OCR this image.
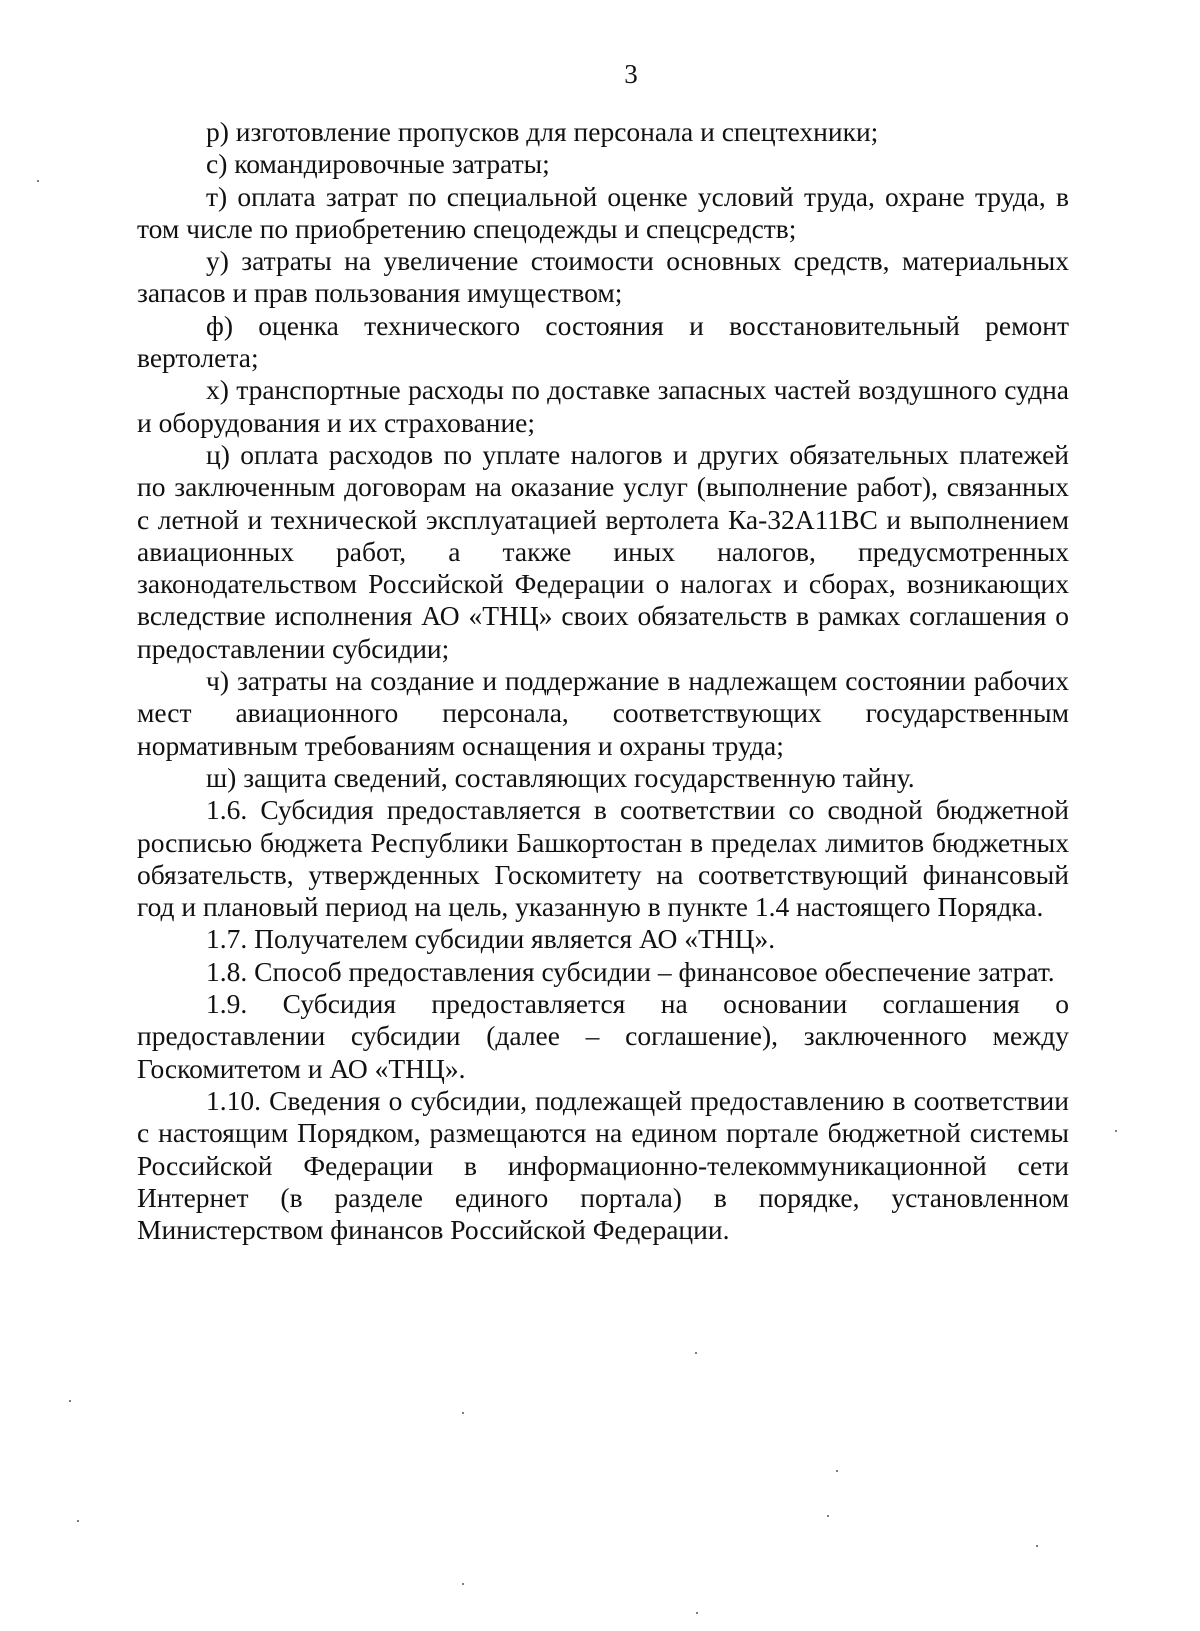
3

р) изготовление пропусков для персонала и спецтехники;

с) командировочные затраты;

т) оплата затрат по специальной оценке условий труда, охране труда, в том числе по приобретению спецодежды и спецсредств;

у) затраты на увеличение стоимости основных средств, материальных запасов и прав пользования имуществом;

ф) оценка технического состояния и восстановительный ремонт вертолета;

х) транспортные расходы по доставке запасных частей воздушного судна и оборудования и их страхование;

ц) оплата расходов по уплате налогов и других обязательных платежей по заключенным договорам на оказание услуг (выполнение работ), связанных с летной и технической эксплуатацией вертолета Ка-32А11ВС и выполнением авиационных работ, а также иных налогов, предусмотренных законодательством Российской Федерации о налогах и сборах, возникающих вследствие исполнения АО «ТНЦ» своих обязательств в рамках соглашения о предоставлении субсидии;

ч) затраты на создание и поддержание в надлежащем состоянии рабочих мест авиационного персонала, соответствующих государственным нормативным требованиям оснащения и охраны труда;

ш) защита сведений, составляющих государственную тайну.

1.6. Субсидия предоставляется в соответствии со сводной бюджетной росписью бюджета Республики Башкортостан в пределах лимитов бюджетных обязательств, утвержденных Госкомитету на соответствующий финансовый год и плановый период на цель, указанную в пункте 1.4 настоящего Порядка.

1.7. Получателем субсидии является АО «ТНЦ».

1.8. Способ предоставления субсидии – финансовое обеспечение затрат.

1.9. Субсидия предоставляется на основании соглашения о предоставлении субсидии (далее – соглашение), заключенного между Госкомитетом и АО «ТНЦ».

1.10. Сведения о субсидии, подлежащей предоставлению в соответствии с настоящим Порядком, размещаются на едином портале бюджетной системы Российской Федерации в информационно-телекоммуникационной сети Интернет (в разделе единого портала) в порядке, установленном Министерством финансов Российской Федерации.
